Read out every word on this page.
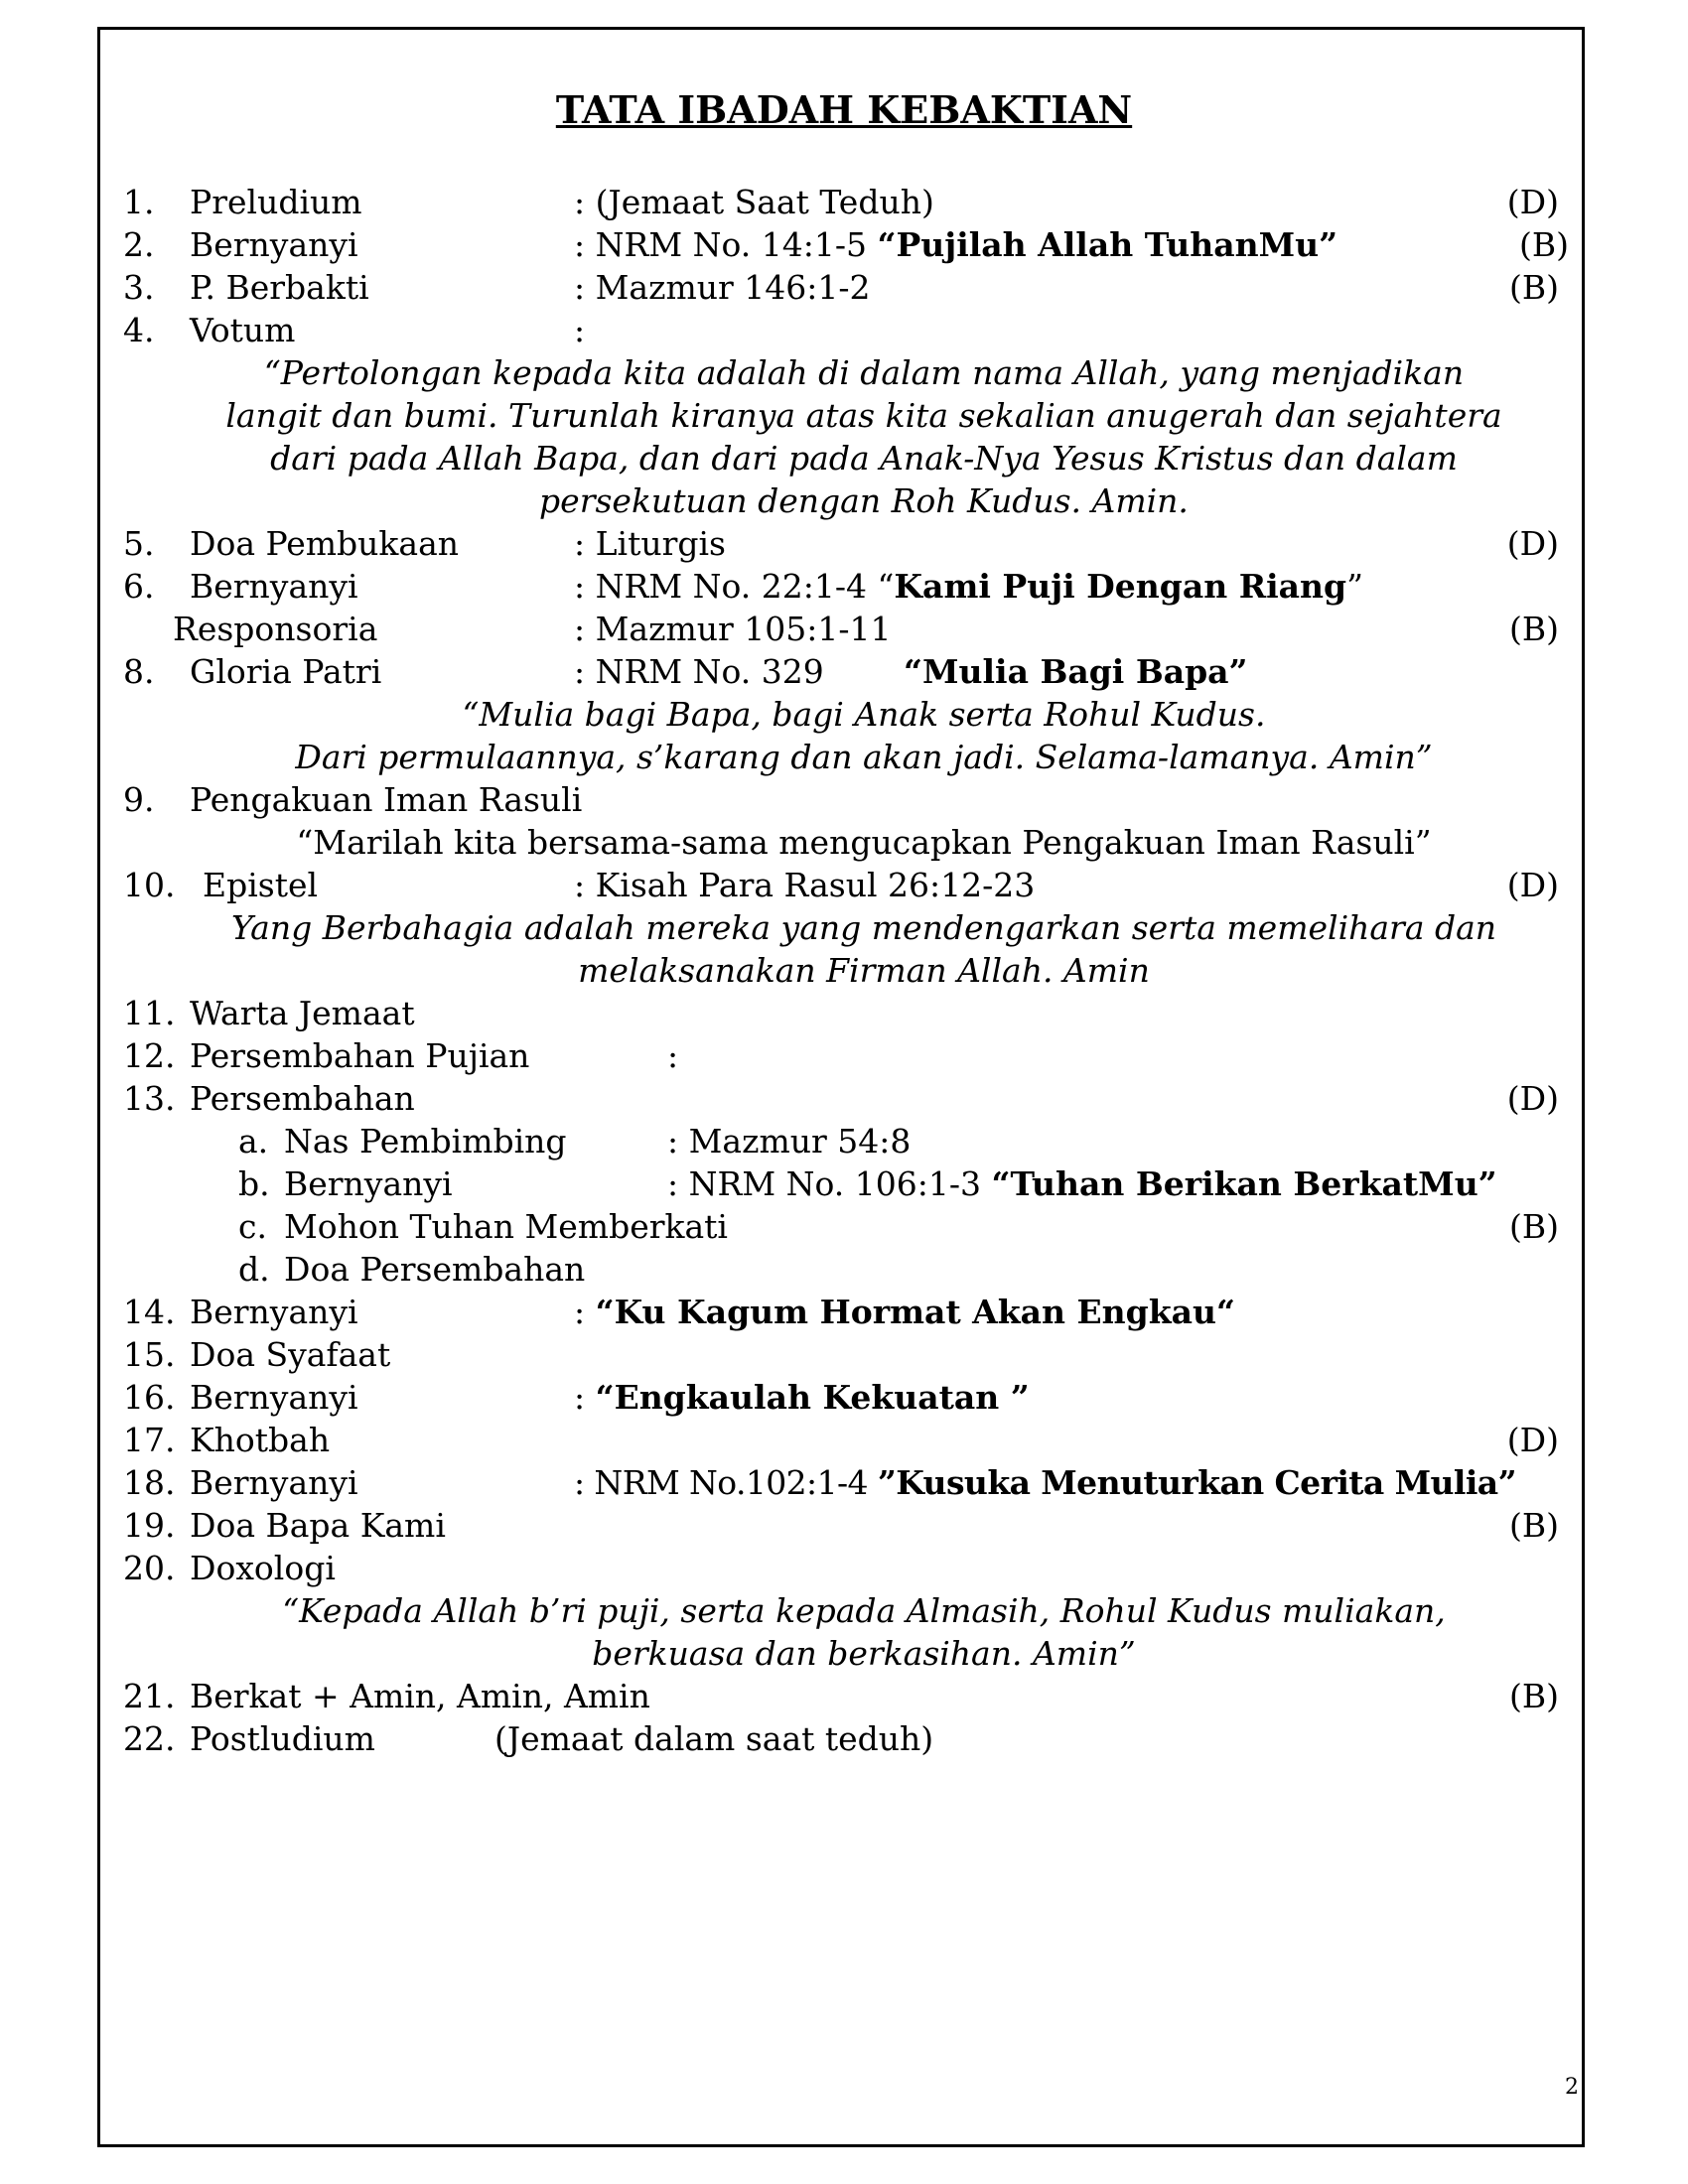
TATA IBADAH KEBAKTIAN
1. Preludium	: (Jemaat Saat Teduh)	(D)
2. Bernyanyi	: NRM No. 14:1-5 “Pujilah Allah TuhanMu”	(B)
3. P. Berbakti	: Mazmur 146:1-2	(B)
4. Votum	:
“Pertolongan kepada kita adalah di dalam nama Allah, yang menjadikan
langit dan bumi. Turunlah kiranya atas kita sekalian anugerah dan sejahtera
dari pada Allah Bapa, dan dari pada Anak-Nya Yesus Kristus dan dalam
persekutuan dengan Roh Kudus. Amin.
5. Doa Pembukaan	: Liturgis	(D)
6. Bernyanyi	: NRM No. 22:1-4 “Kami Puji Dengan Riang”
Responsoria	: Mazmur 105:1-11	(B)
8. Gloria Patri	: NRM No. 329 “Mulia Bagi Bapa”
“Mulia bagi Bapa, bagi Anak serta Rohul Kudus.
Dari permulaannya, s’karang dan akan jadi. Selama-lamanya. Amin”
9. Pengakuan Iman Rasuli
“Marilah kita bersama-sama mengucapkan Pengakuan Iman Rasuli”
10. Epistel	: Kisah Para Rasul 26:12-23	(D)
Yang Berbahagia adalah mereka yang mendengarkan serta memelihara dan
melaksanakan Firman Allah. Amin
11. Warta Jemaat
12. Persembahan Pujian	:
13. Persembahan	(D)
a. Nas Pembimbing	: Mazmur 54:8
b. Bernyanyi	: NRM No. 106:1-3 “Tuhan Berikan BerkatMu”
c. Mohon Tuhan Memberkati	(B)
d. Doa Persembahan
14. Bernyanyi	: “Ku Kagum Hormat Akan Engkau“
15. Doa Syafaat
16. Bernyanyi	: “Engkaulah Kekuatan ”
17. Khotbah	(D)
18. Bernyanyi	: NRM No.102:1-4 ”Kusuka Menuturkan Cerita Mulia”
19. Doa Bapa Kami	(B)
20. Doxologi
“Kepada Allah b’ri puji, serta kepada Almasih, Rohul Kudus muliakan,
berkuasa dan berkasihan. Amin”
21. Berkat + Amin, Amin, Amin	(B)
22. Postludium	(Jemaat dalam saat teduh)
2
